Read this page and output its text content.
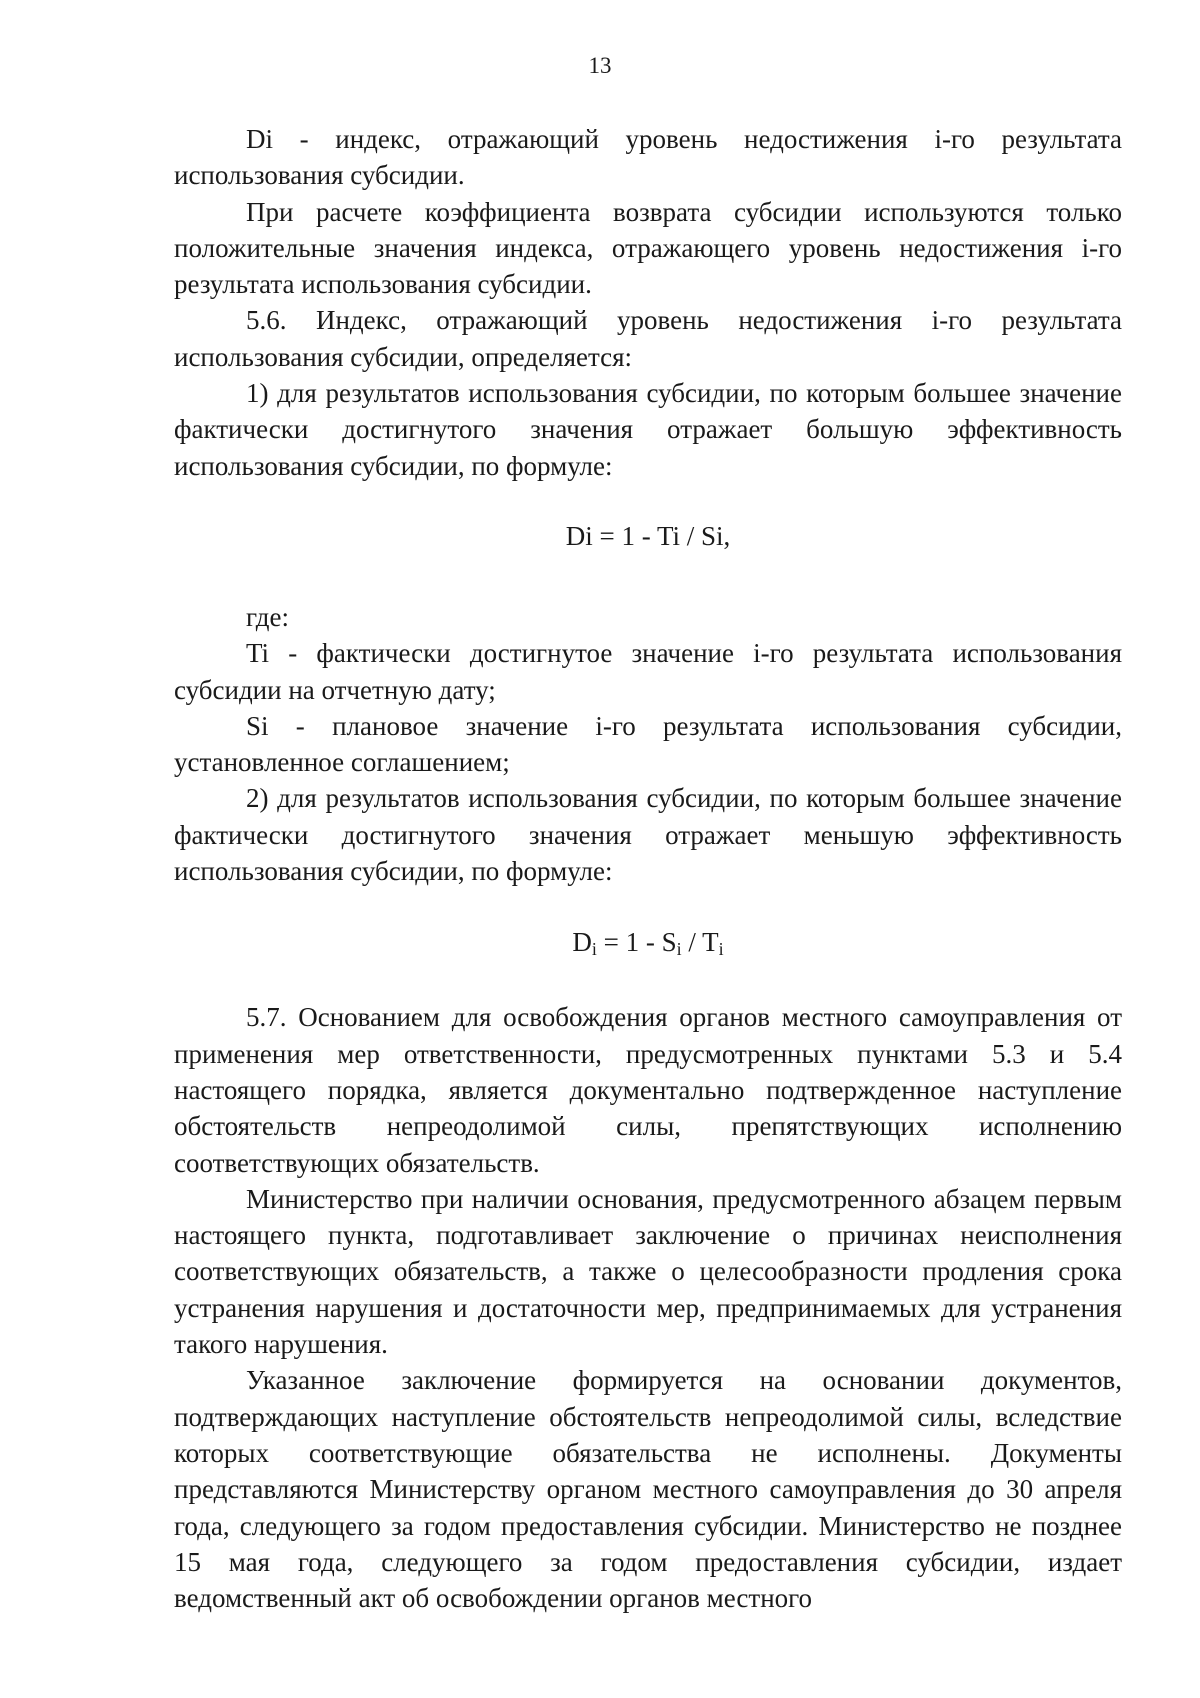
13

Di - индекс, отражающий уровень недостижения i-го результата использования субсидии.

При расчете коэффициента возврата субсидии используются только положительные значения индекса, отражающего уровень недостижения i-го результата использования субсидии.

5.6. Индекс, отражающий уровень недостижения i-го результата использования субсидии, определяется:

1) для результатов использования субсидии, по которым большее значение фактически достигнутого значения отражает большую эффективность использования субсидии, по формуле:

Di = 1 - Ti / Si,

где:

Ti - фактически достигнутое значение i-го результата использования субсидии на отчетную дату;

Si - плановое значение i-го результата использования субсидии, установленное соглашением;

2) для результатов использования субсидии, по которым большее значение фактически достигнутого значения отражает меньшую эффективность использования субсидии, по формуле:

$D_i = 1 - S_i / T_i$

5.7. Основанием для освобождения органов местного самоуправления от применения мер ответственности, предусмотренных пунктами 5.3 и 5.4 настоящего порядка, является документально подтвержденное наступление обстоятельств непреодолимой силы, препятствующих исполнению соответствующих обязательств.

Министерство при наличии основания, предусмотренного абзацем первым настоящего пункта, подготавливает заключение о причинах неисполнения соответствующих обязательств, а также о целесообразности продления срока устранения нарушения и достаточности мер, предпринимаемых для устранения такого нарушения.

Указанное заключение формируется на основании документов, подтверждающих наступление обстоятельств непреодолимой силы, вследствие которых соответствующие обязательства не исполнены. Документы представляются Министерству органом местного самоуправления до 30 апреля года, следующего за годом предоставления субсидии. Министерство не позднее 15 мая года, следующего за годом предоставления субсидии, издает ведомственный акт об освобождении органов местного
